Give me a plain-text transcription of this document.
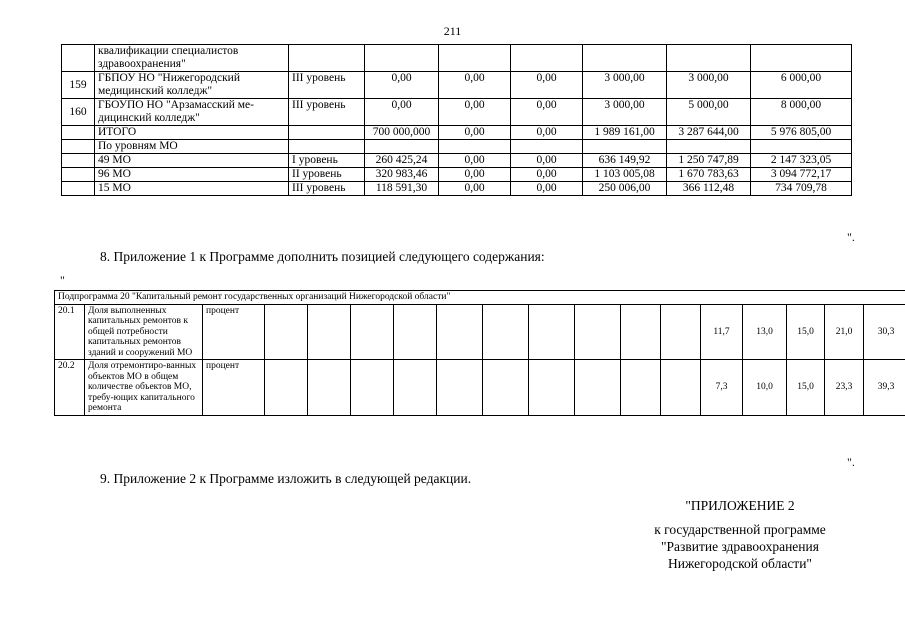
211
	квалификации специалистов здравоохранения"							
159	ГБПОУ НО "Нижегородский медицинский колледж"	III уровень	0,00	0,00	0,00	3 000,00	3 000,00	6 000,00
160	ГБОУПО НО "Арзамасский ме-дицинский колледж"	III уровень	0,00	0,00	0,00	3 000,00	5 000,00	8 000,00
	ИТОГО		700 000,000	0,00	0,00	1 989 161,00	3 287 644,00	5 976 805,00
	По уровням МО							
	49 МО	I уровень	260 425,24	0,00	0,00	636 149,92	1 250 747,89	2 147 323,05
	96 МО	II уровень	320 983,46	0,00	0,00	1 103 005,08	1 670 783,63	3 094 772,17
	15 МО	III уровень	118 591,30	0,00	0,00	250 006,00	366 112,48	734 709,78
".
8. Приложение 1 к Программе дополнить позицией следующего содержания:
"
Подпрограмма 20 "Капитальный ремонт государственных организаций Нижегородской области"																	
20.1	Доля выполненных капитальных ремонтов к общей потребности капитальных ремонтов зданий и сооружений МО	процент											11,7	13,0	15,0	21,0	30,3
20.2	Доля отремонтиро-ванных объектов МО в общем количестве объектов МО, требу-ющих капитального ремонта	процент											7,3	10,0	15,0	23,3	39,3
".
9. Приложение 2 к Программе изложить в следующей редакции.
"ПРИЛОЖЕНИЕ 2
к государственной программе
"Развитие здравоохранения
Нижегородской области"
